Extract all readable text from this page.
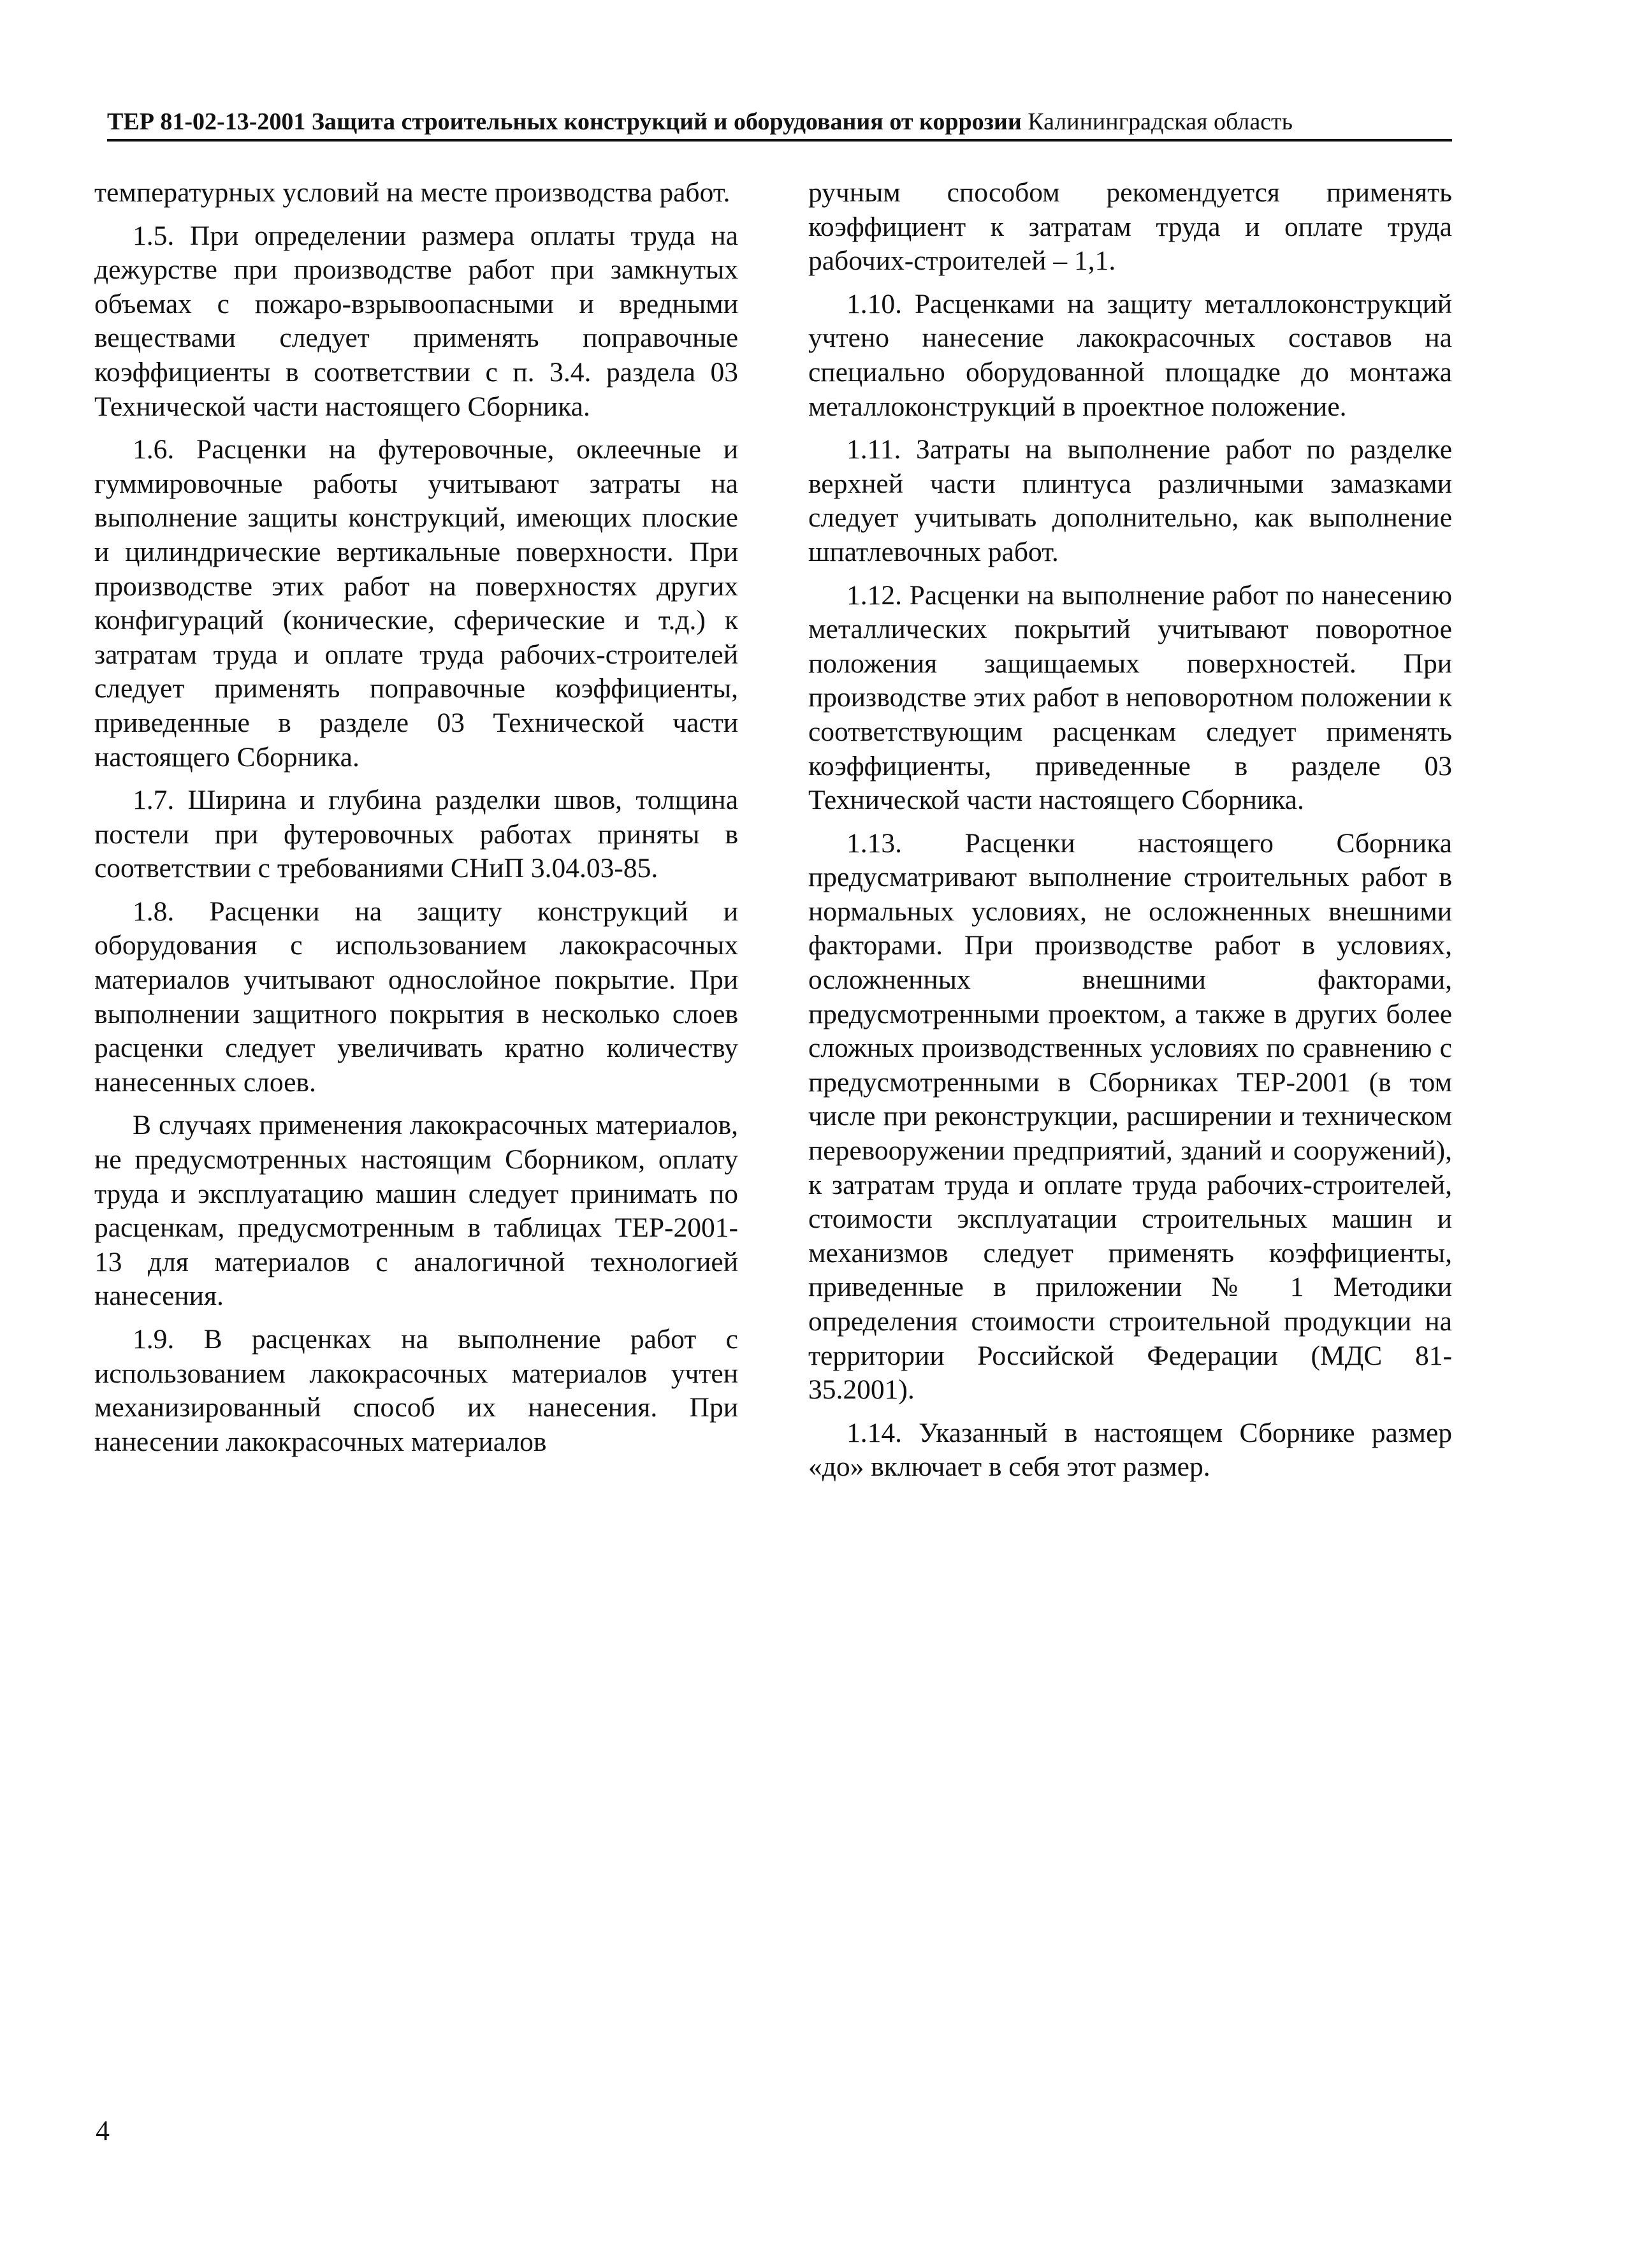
ТЕР 81-02-13-2001 Защита строительных конструкций и оборудования от коррозии Калининградская область

температурных условий на месте производства работ.

1.5. При определении размера оплаты труда на дежурстве при производстве работ при замкнутых объемах с пожаро-взрывоопасными и вредными веществами следует применять поправочные коэффициенты в соответствии с п. 3.4. раздела 03 Технической части настоящего Сборника.

1.6. Расценки на футеровочные, оклеечные и гуммировочные работы учитывают затраты на выполнение защиты конструкций, имеющих плоские и цилиндрические вертикальные поверхности. При производстве этих работ на поверхностях других конфигураций (конические, сферические и т.д.) к затратам труда и оплате труда рабочих-строителей следует применять поправочные коэффициенты, приведенные в разделе 03 Технической части настоящего Сборника.

1.7. Ширина и глубина разделки швов, толщина постели при футеровочных работах приняты в соответствии с требованиями СНиП 3.04.03-85.

1.8. Расценки на защиту конструкций и оборудования с использованием лакокрасочных материалов учитывают однослойное покрытие. При выполнении защитного покрытия в несколько слоев расценки следует увеличивать кратно количеству нанесенных слоев.

В случаях применения лакокрасочных материалов, не предусмотренных настоящим Сборником, оплату труда и эксплуатацию машин следует принимать по расценкам, предусмотренным в таблицах ТЕР-2001-13 для материалов с аналогичной технологией нанесения.

1.9. В расценках на выполнение работ с использованием лакокрасочных материалов учтен механизированный способ их нанесения. При нанесении лакокрасочных материалов

ручным способом рекомендуется применять коэффициент к затратам труда и оплате труда рабочих-строителей – 1,1.

1.10. Расценками на защиту металлоконструкций учтено нанесение лакокрасочных составов на специально оборудованной площадке до монтажа металлоконструкций в проектное положение.

1.11. Затраты на выполнение работ по разделке верхней части плинтуса различными замазками следует учитывать дополнительно, как выполнение шпатлевочных работ.

1.12. Расценки на выполнение работ по нанесению металлических покрытий учитывают поворотное положения защищаемых поверхностей. При производстве этих работ в неповоротном положении к соответствующим расценкам следует применять коэффициенты, приведенные в разделе 03 Технической части настоящего Сборника.

1.13. Расценки настоящего Сборника предусматривают выполнение строительных работ в нормальных условиях, не осложненных внешними факторами. При производстве работ в условиях, осложненных внешними факторами, предусмотренными проектом, а также в других более сложных производственных условиях по сравнению с предусмотренными в Сборниках ТЕР-2001 (в том числе при реконструкции, расширении и техническом перевооружении предприятий, зданий и сооружений), к затратам труда и оплате труда рабочих-строителей, стоимости эксплуатации строительных машин и механизмов следует применять коэффициенты, приведенные в приложении № 1 Методики определения стоимости строительной продукции на территории Российской Федерации (МДС 81-35.2001).

1.14. Указанный в настоящем Сборнике размер «до» включает в себя этот размер.

4
